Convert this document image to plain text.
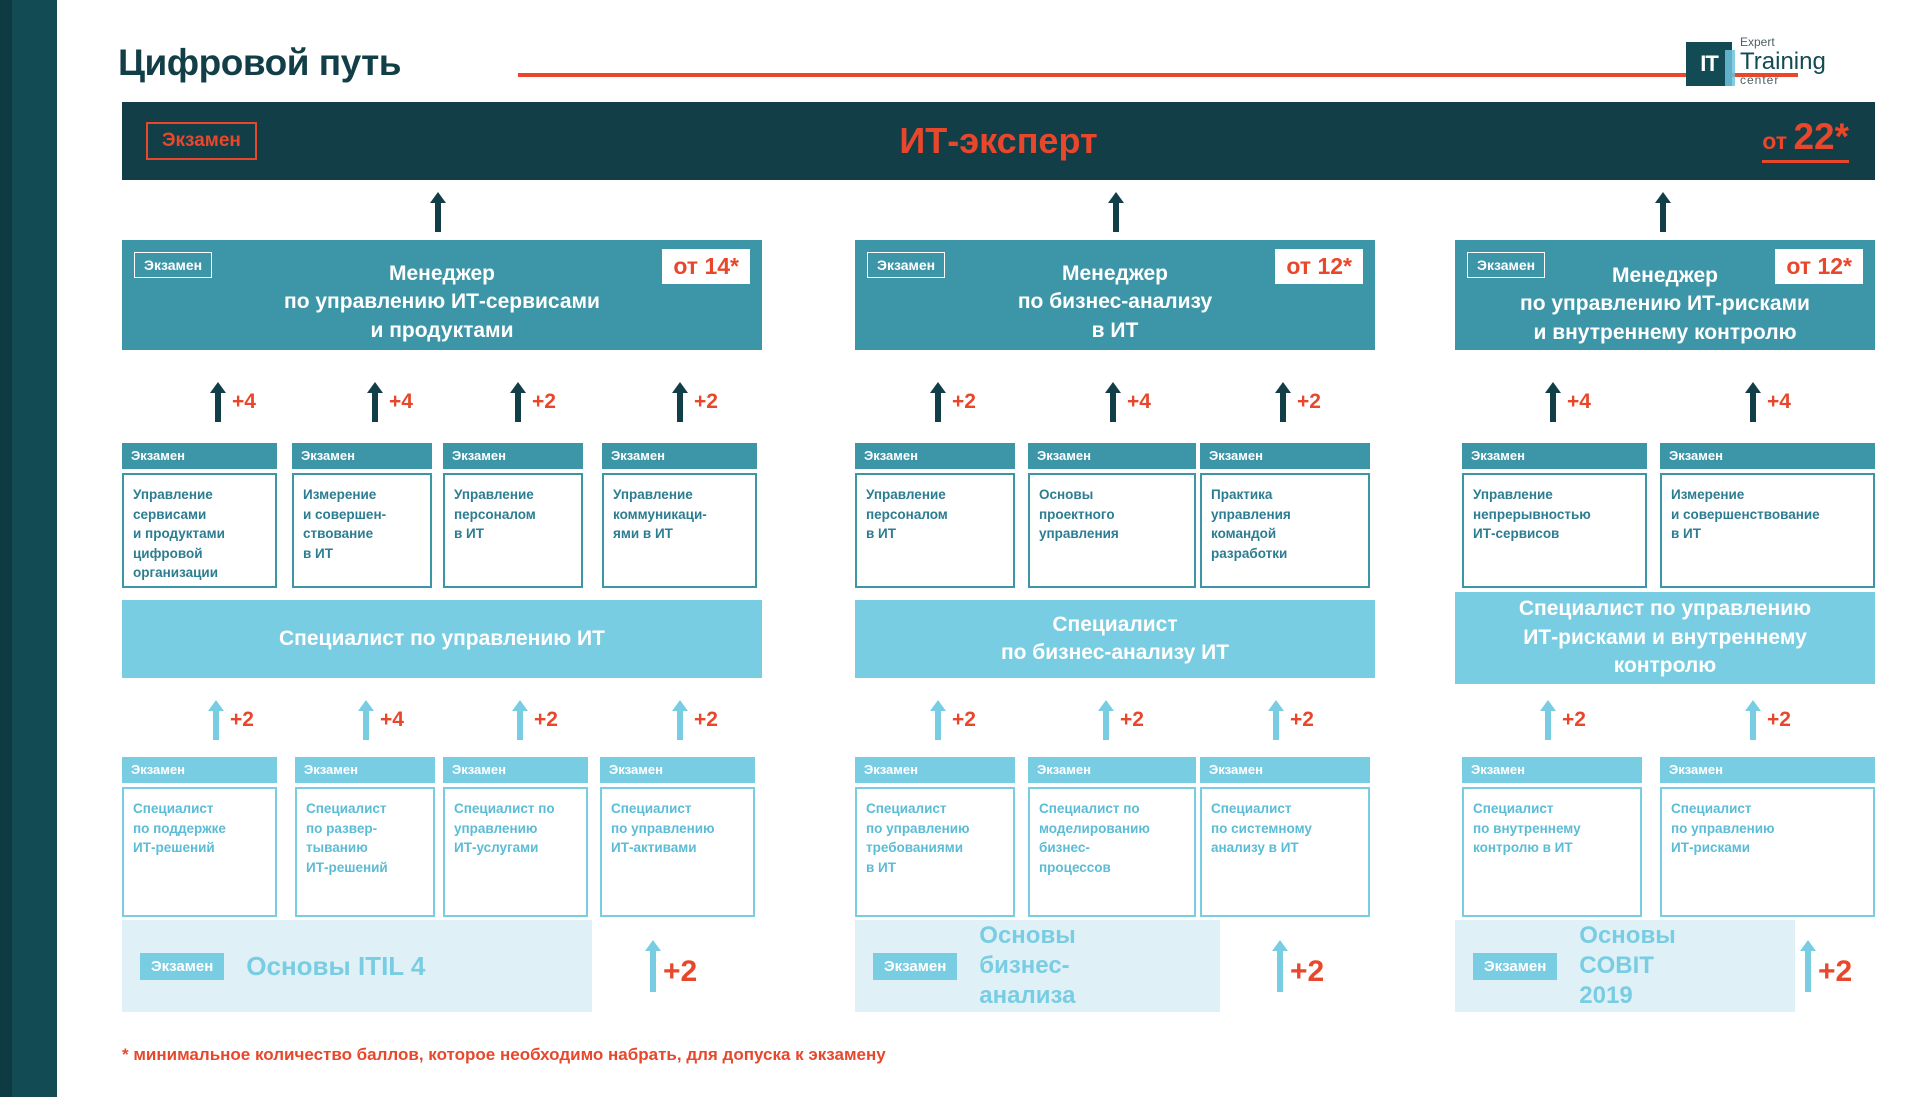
Цифровой путь	IT
Expert
Training
center
Экзамен	ИТ-эксперт	от 22*
Менеджер
по управлению ИТ-сервисами
и продуктами
Экзамен	от 14*
+4	+4	+2	+2
Экзамен
Управление
сервисами
и продуктами
цифровой
организации
Экзамен
Измерение
и совершен-
ствование
в ИТ
Экзамен
Управление
персоналом
в ИТ
Экзамен
Управление
коммуникаци-
ями в ИТ
Специалист по управлению ИТ
+2	+4	+2	+2
Экзамен
Специалист
по поддержке
ИТ-решений
Экзамен
Специалист
по развер-
тыванию
ИТ-решений
Экзамен
Специалист по
управлению
ИТ-услугами
Экзамен
Специалист
по управлению
ИТ-активами
Экзамен	Основы ITIL 4	+2
Менеджер
по бизнес-анализу
в ИТ
Экзамен	от 12*
+2	+4	+2
Экзамен
Управление
персоналом
в ИТ
Экзамен
Основы
проектного
управления
Экзамен
Практика
управления
командой
разработки
Специалист
по бизнес-анализу ИТ
+2	+2	+2
Экзамен
Специалист
по управлению
требованиями
в ИТ
Экзамен
Специалист по
моделированию
бизнес-
процессов
Экзамен
Специалист
по системному
анализу в ИТ
Экзамен
Основы
бизнес-
анализа
+2
Менеджер
по управлению ИТ-рисками
и внутреннему контролю
Экзамен	от 12*
+4	+4
Экзамен
Управление
непрерывностью
ИТ-сервисов
Экзамен
Измерение
и совершенствование
в ИТ
Специалист по управлению
ИТ-рисками и внутреннему
контролю
+2	+2
Экзамен
Специалист
по внутреннему
контролю в ИТ
Экзамен
Специалист
по управлению
ИТ-рисками
Экзамен
Основы
COBIT
2019
+2
* минимальное количество баллов, которое необходимо набрать, для допуска к экзамену
